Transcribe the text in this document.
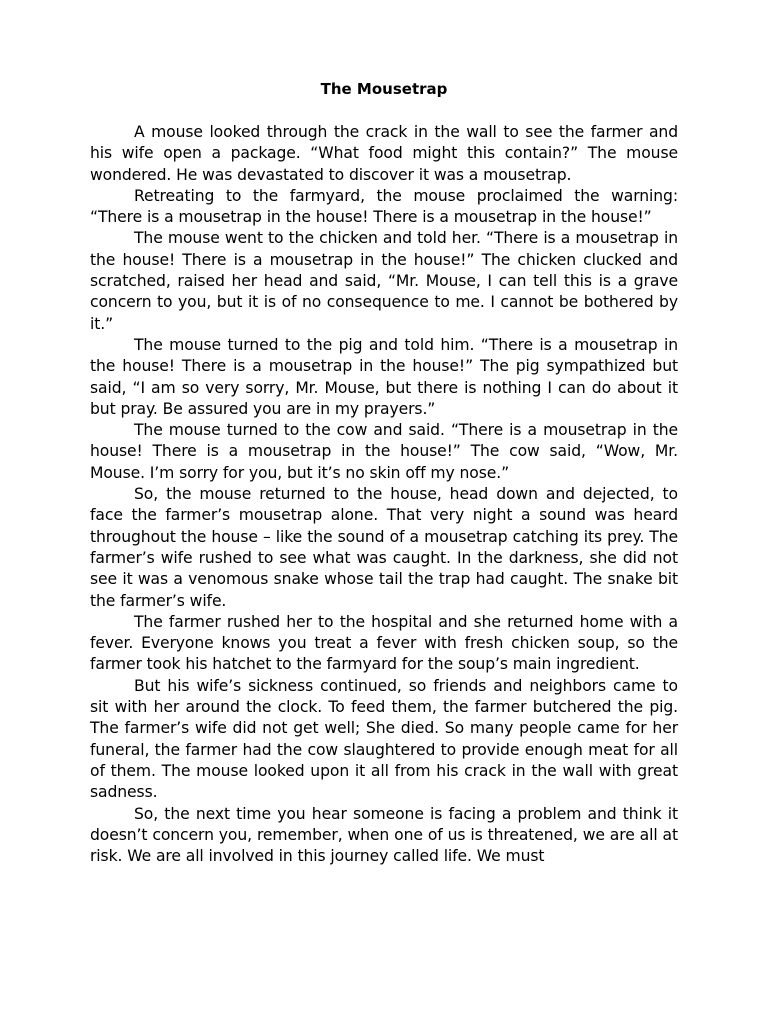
The Mousetrap

A mouse looked through the crack in the wall to see the farmer and his wife open a package. “What food might this contain?” The mouse wondered. He was devastated to discover it was a mousetrap.

Retreating to the farmyard, the mouse proclaimed the warning: “There is a mousetrap in the house! There is a mousetrap in the house!”

The mouse went to the chicken and told her. “There is a mousetrap in the house! There is a mousetrap in the house!” The chicken clucked and scratched, raised her head and said, “Mr. Mouse, I can tell this is a grave concern to you, but it is of no consequence to me. I cannot be bothered by it.”

The mouse turned to the pig and told him. “There is a mousetrap in the house! There is a mousetrap in the house!” The pig sympathized but said, “I am so very sorry, Mr. Mouse, but there is nothing I can do about it but pray. Be assured you are in my prayers.”

The mouse turned to the cow and said. “There is a mousetrap in the house! There is a mousetrap in the house!” The cow said, “Wow, Mr. Mouse. I’m sorry for you, but it’s no skin off my nose.”

So, the mouse returned to the house, head down and dejected, to face the farmer’s mousetrap alone. That very night a sound was heard throughout the house – like the sound of a mousetrap catching its prey. The farmer’s wife rushed to see what was caught. In the darkness, she did not see it was a venomous snake whose tail the trap had caught. The snake bit the farmer’s wife.

The farmer rushed her to the hospital and she returned home with a fever. Everyone knows you treat a fever with fresh chicken soup, so the farmer took his hatchet to the farmyard for the soup’s main ingredient.

But his wife’s sickness continued, so friends and neighbors came to sit with her around the clock. To feed them, the farmer butchered the pig. The farmer’s wife did not get well; She died. So many people came for her funeral, the farmer had the cow slaughtered to provide enough meat for all of them. The mouse looked upon it all from his crack in the wall with great sadness.

So, the next time you hear someone is facing a problem and think it doesn’t concern you, remember, when one of us is threatened, we are all at risk. We are all involved in this journey called life. We must
